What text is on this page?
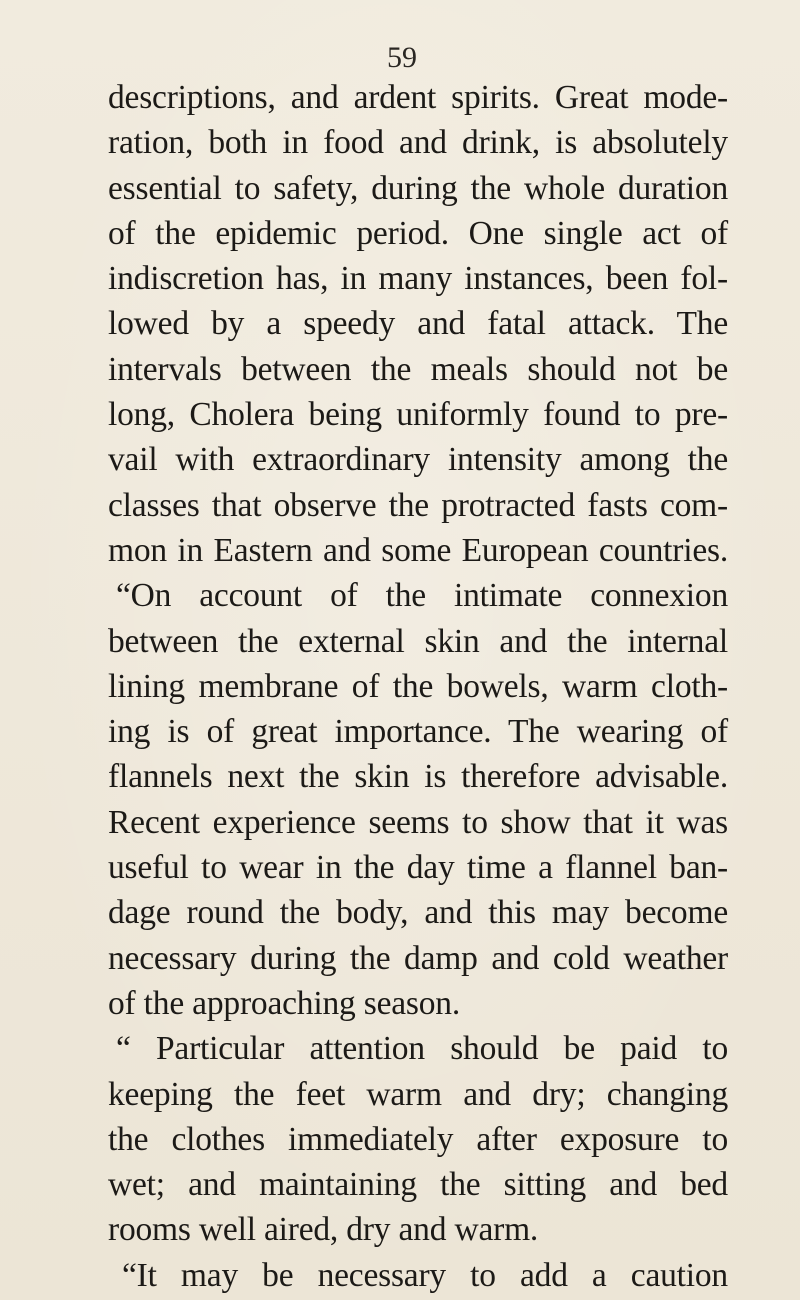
59
descriptions, and ardent spirits. Great mode-
ration, both in food and drink, is absolutely
essential to safety, during the whole duration
of the epidemic period. One single act of
indiscretion has, in many instances, been fol-
lowed by a speedy and fatal attack. The
intervals between the meals should not be
long, Cholera being uniformly found to pre-
vail with extraordinary intensity among the
classes that observe the protracted fasts com-
mon in Eastern and some European countries.
“On account of the intimate connexion
between the external skin and the internal
lining membrane of the bowels, warm cloth-
ing is of great importance. The wearing of
flannels next the skin is therefore advisable.
Recent experience seems to show that it was
useful to wear in the day time a flannel ban-
dage round the body, and this may become
necessary during the damp and cold weather
of the approaching season.
“ Particular attention should be paid to
keeping the feet warm and dry; changing
the clothes immediately after exposure to
wet; and maintaining the sitting and bed
rooms well aired, dry and warm.
“It may be necessary to add a caution
